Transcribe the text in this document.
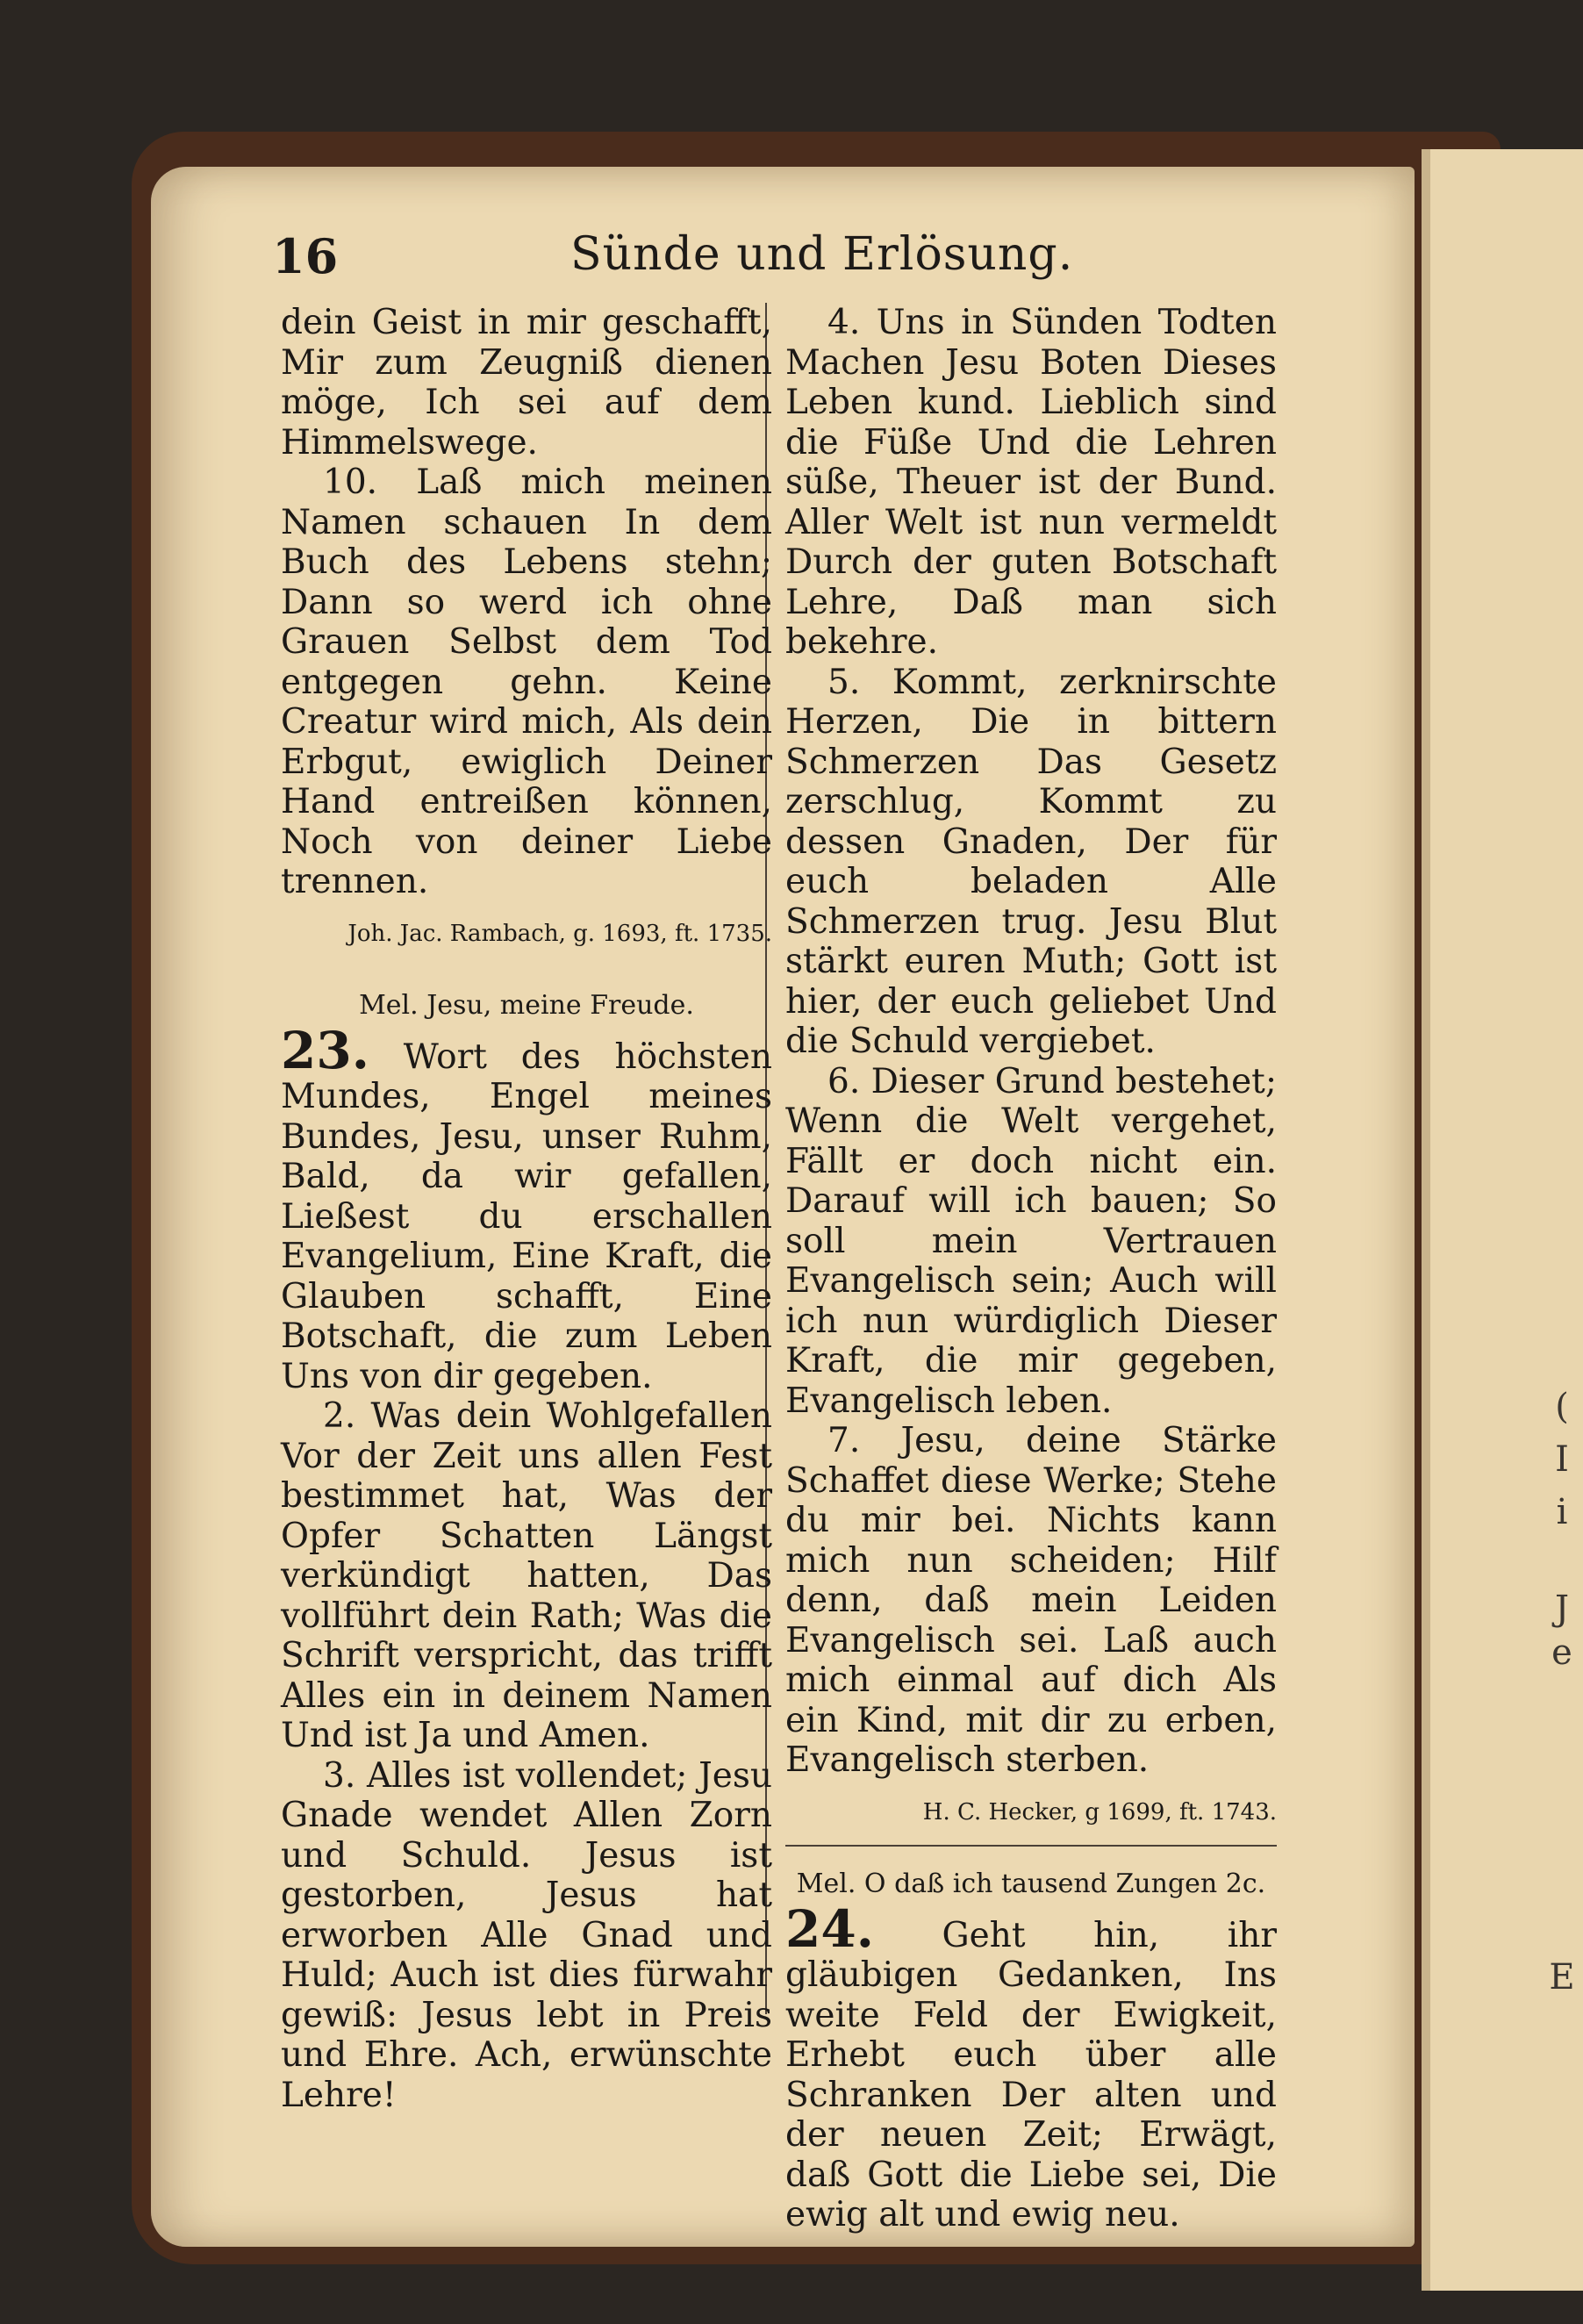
16	Sünde und Erlösung.

dein Geist in mir geschafft, Mir zum Zeugniß dienen möge, Ich sei auf dem Himmelswege.

10. Laß mich meinen Namen schauen In dem Buch des Lebens stehn; Dann so werd ich ohne Grauen Selbst dem Tod entgegen gehn. Keine Creatur wird mich, Als dein Erbgut, ewiglich Deiner Hand entreißen können, Noch von deiner Liebe trennen.

Joh. Jac. Rambach, g. 1693, ft. 1735.

Mel. Jesu, meine Freude.

23. Wort des höchsten Mundes, Engel meines Bundes, Jesu, unser Ruhm, Bald, da wir gefallen, Ließest du erschallen Evangelium, Eine Kraft, die Glauben schafft, Eine Botschaft, die zum Leben Uns von dir gegeben.

2. Was dein Wohlgefallen Vor der Zeit uns allen Fest bestimmet hat, Was der Opfer Schatten Längst verkündigt hatten, Das vollführt dein Rath; Was die Schrift verspricht, das trifft Alles ein in deinem Namen Und ist Ja und Amen.

3. Alles ist vollendet; Jesu Gnade wendet Allen Zorn und Schuld. Jesus ist gestorben, Jesus hat erworben Alle Gnad und Huld; Auch ist dies fürwahr gewiß: Jesus lebt in Preis und Ehre. Ach, erwünschte Lehre!

4. Uns in Sünden Todten Machen Jesu Boten Dieses Leben kund. Lieblich sind die Füße Und die Lehren süße, Theuer ist der Bund. Aller Welt ist nun vermeldt Durch der guten Botschaft Lehre, Daß man sich bekehre.

5. Kommt, zerknirschte Herzen, Die in bittern Schmerzen Das Gesetz zerschlug, Kommt zu dessen Gnaden, Der für euch beladen Alle Schmerzen trug. Jesu Blut stärkt euren Muth; Gott ist hier, der euch geliebet Und die Schuld vergiebet.

6. Dieser Grund bestehet; Wenn die Welt vergehet, Fällt er doch nicht ein. Darauf will ich bauen; So soll mein Vertrauen Evangelisch sein; Auch will ich nun würdiglich Dieser Kraft, die mir gegeben, Evangelisch leben.

7. Jesu, deine Stärke Schaffet diese Werke; Stehe du mir bei. Nichts kann mich nun scheiden; Hilf denn, daß mein Leiden Evangelisch sei. Laß auch mich einmal auf dich Als ein Kind, mit dir zu erben, Evangelisch sterben.

H. C. Hecker, g 1699, ft. 1743.

Mel. O daß ich tausend Zungen 2c.

24. Geht hin, ihr gläubigen Gedanken, Ins weite Feld der Ewigkeit, Erhebt euch über alle Schranken Der alten und der neuen Zeit; Erwägt, daß Gott die Liebe sei, Die ewig alt und ewig neu.

(
I
i
J
e
E
